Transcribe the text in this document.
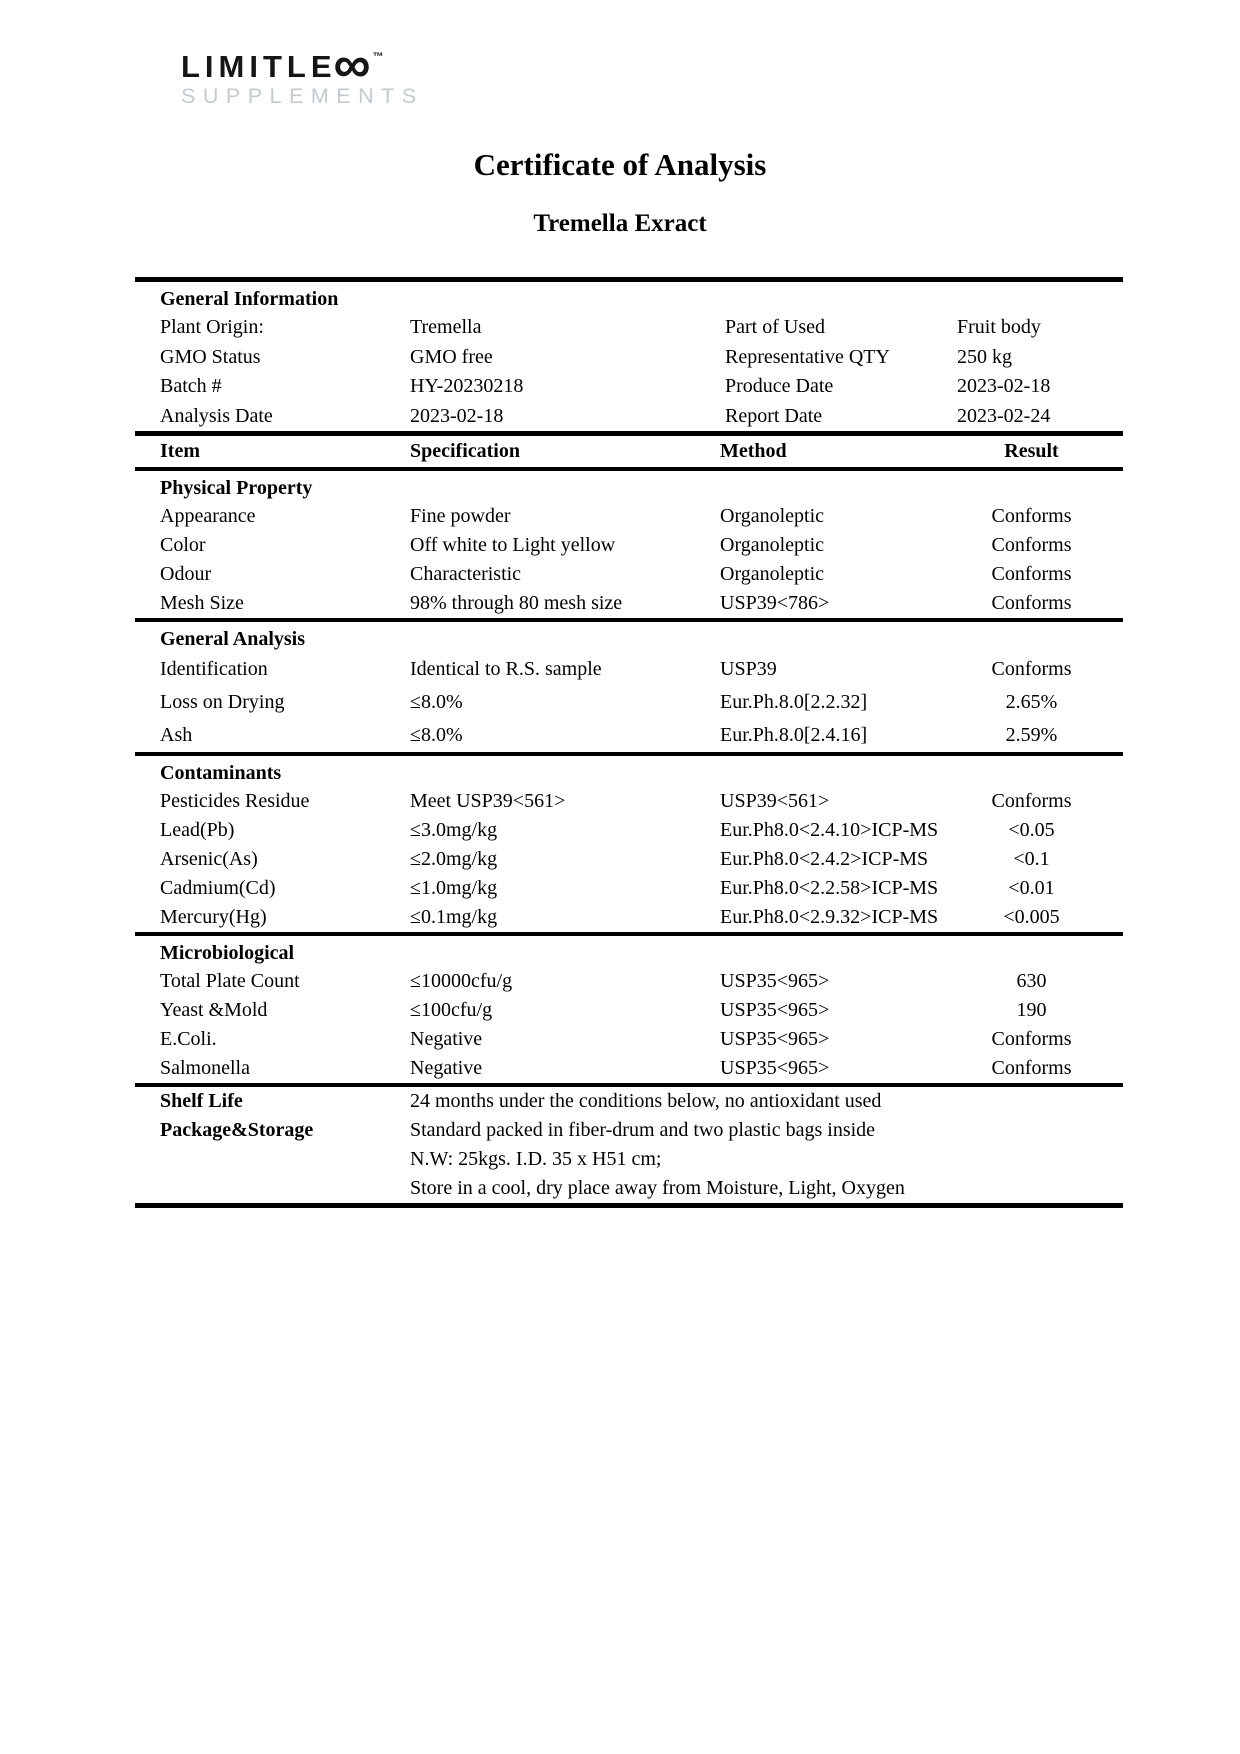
LIMITLE
∞ ™
SUPPLEMENTS
Certificate of Analysis
Tremella Exract
General Information
Plant Origin:	Tremella	Part of Used	Fruit body
GMO Status	GMO free	Representative QTY	250 kg
Batch #	HY-20230218	Produce Date	2023-02-18
Analysis Date	2023-02-18	Report Date	2023-02-24
Item	Specification	Method	Result
Physical Property
Appearance	Fine powder	Organoleptic	Conforms
Color	Off white to Light yellow	Organoleptic	Conforms
Odour	Characteristic	Organoleptic	Conforms
Mesh Size	98% through 80 mesh size	USP39<786>	Conforms
General Analysis
Identification	Identical to R.S. sample	USP39	Conforms
Loss on Drying	≤8.0%	Eur.Ph.8.0[2.2.32]	2.65%
Ash	≤8.0%	Eur.Ph.8.0[2.4.16]	2.59%
Contaminants
Pesticides Residue	Meet USP39<561>	USP39<561>	Conforms
Lead(Pb)	≤3.0mg/kg	Eur.Ph8.0<2.4.10>ICP-MS	<0.05
Arsenic(As)	≤2.0mg/kg	Eur.Ph8.0<2.4.2>ICP-MS	<0.1
Cadmium(Cd)	≤1.0mg/kg	Eur.Ph8.0<2.2.58>ICP-MS	<0.01
Mercury(Hg)	≤0.1mg/kg	Eur.Ph8.0<2.9.32>ICP-MS	<0.005
Microbiological
Total Plate Count	≤10000cfu/g	USP35<965>	630
Yeast &Mold	≤100cfu/g	USP35<965>	190
E.Coli.	Negative	USP35<965>	Conforms
Salmonella	Negative	USP35<965>	Conforms
Shelf Life	24 months under the conditions below, no antioxidant used
Package&Storage	Standard packed in fiber-drum and two plastic bags inside
N.W: 25kgs. I.D. 35 x H51 cm;
Store in a cool, dry place away from Moisture, Light, Oxygen
